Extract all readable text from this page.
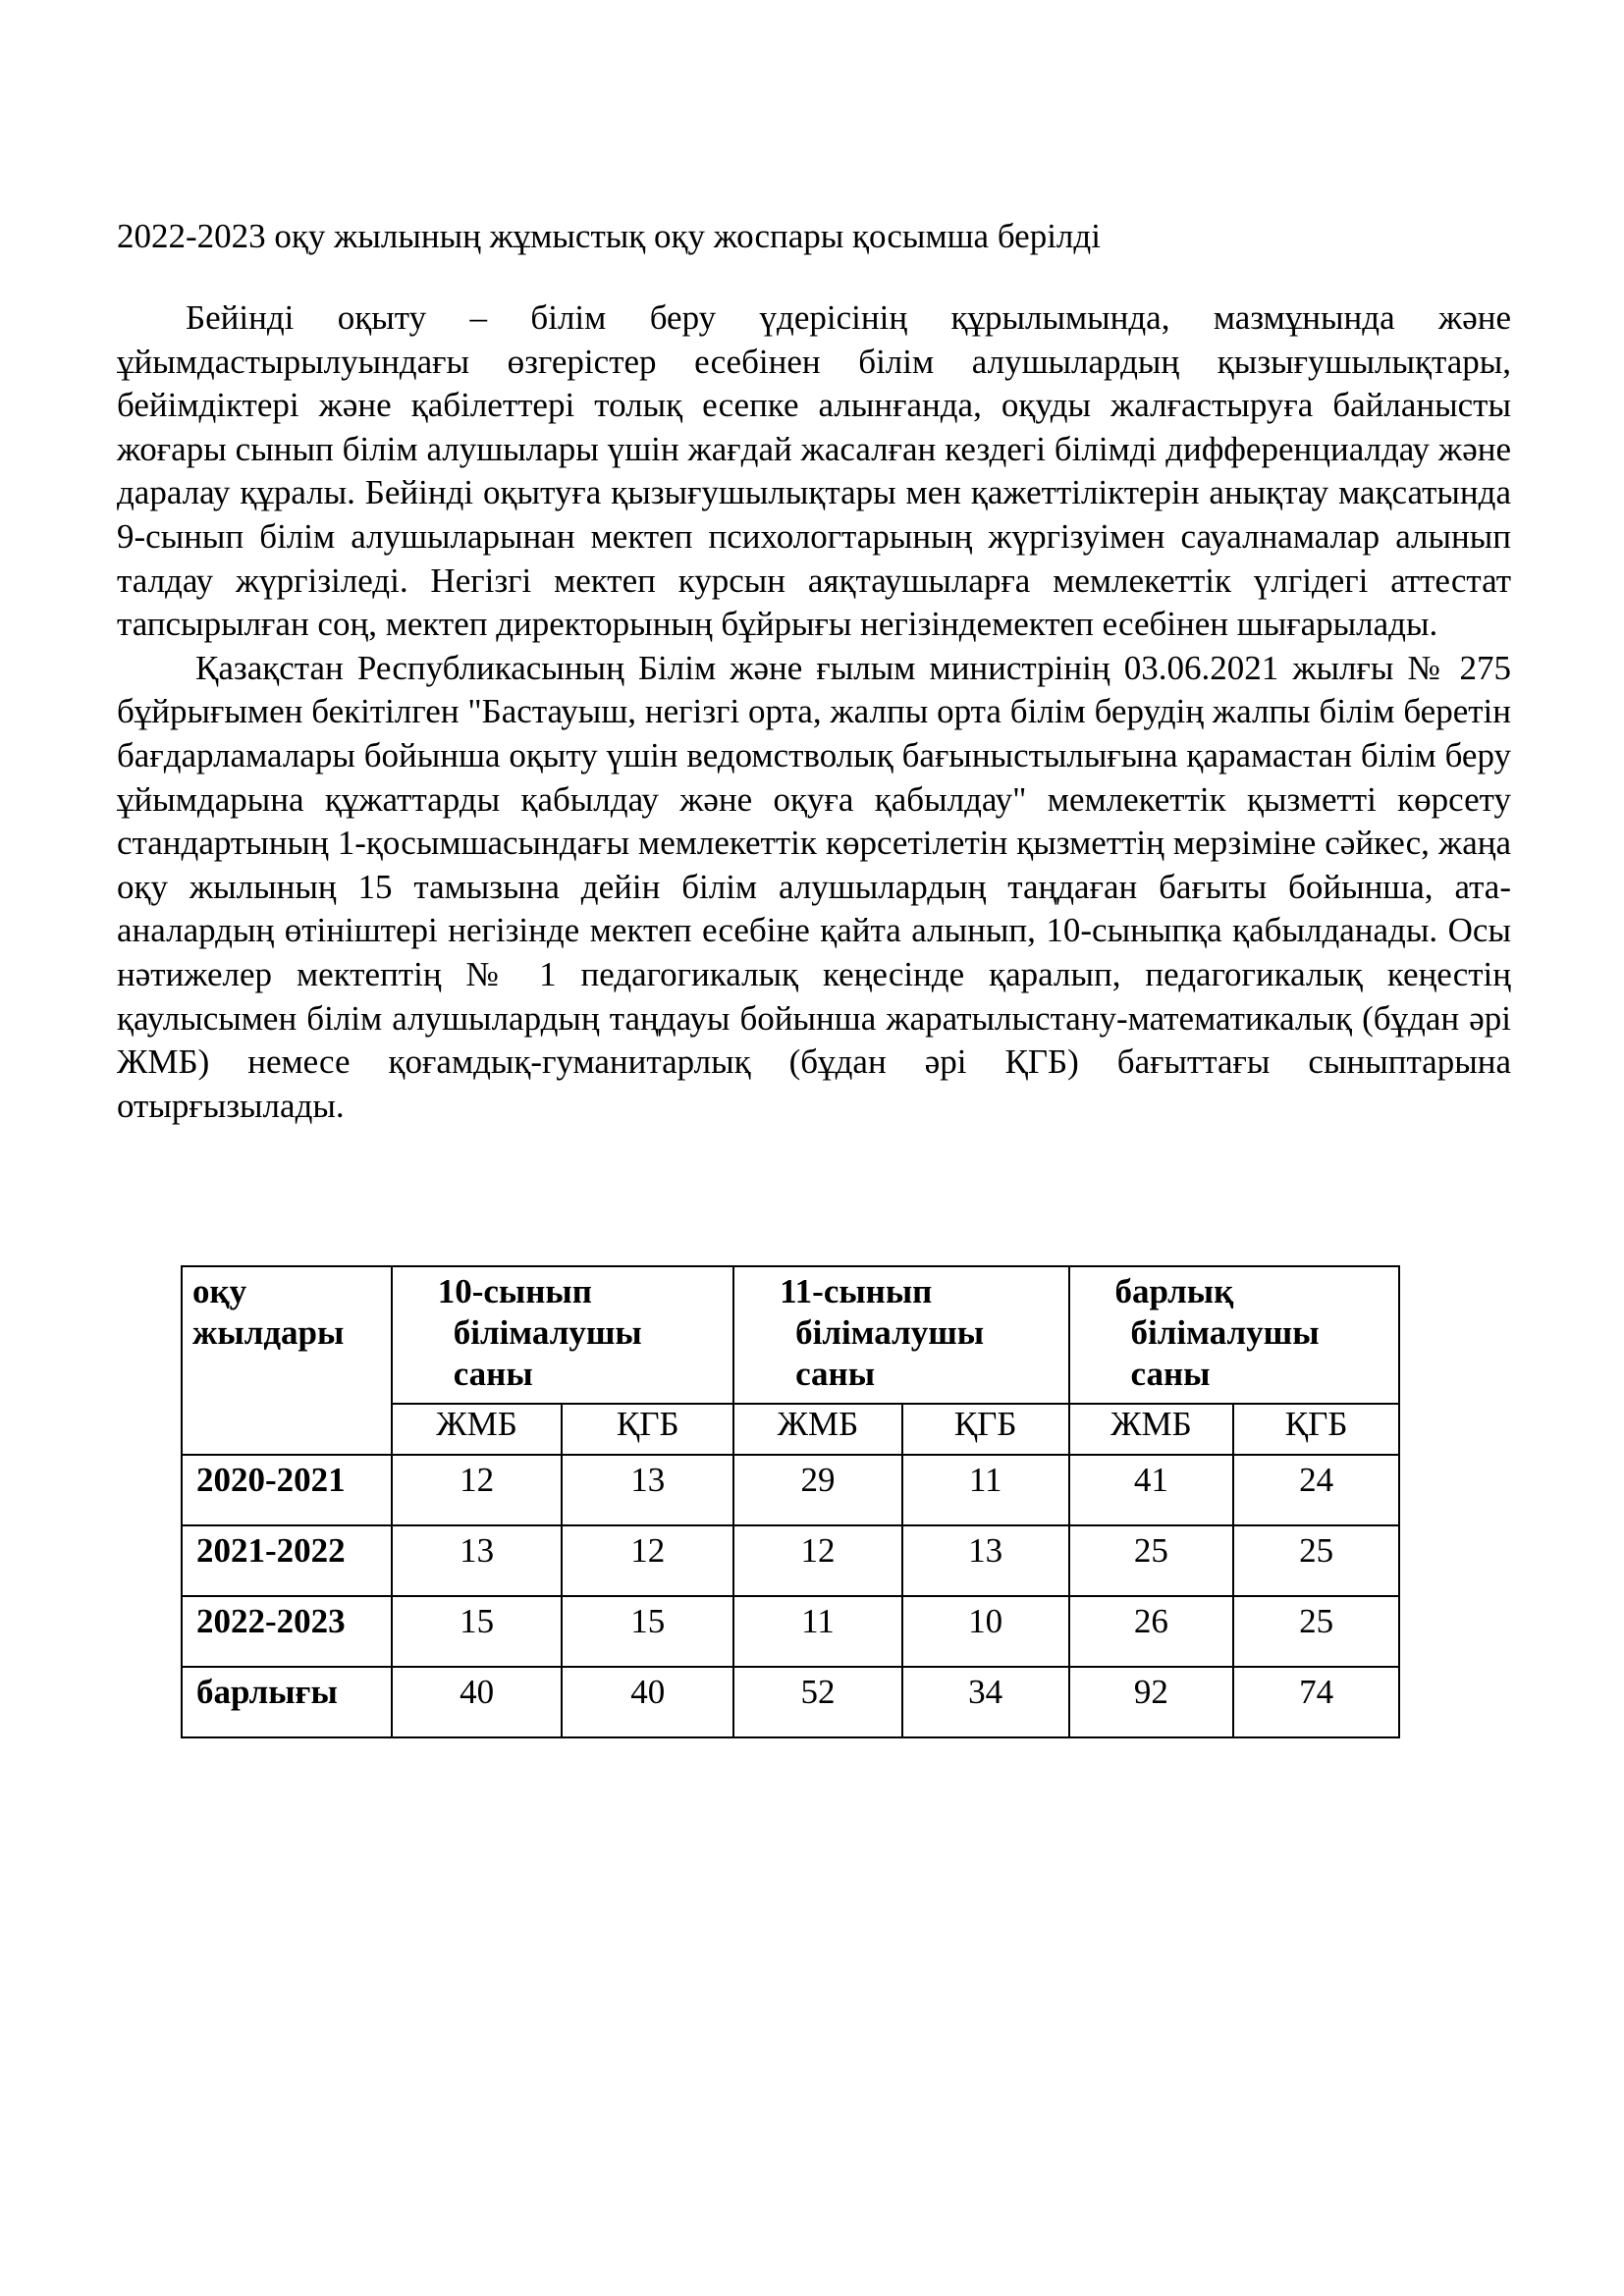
2022-2023 оқу жылының жұмыстық оқу жоспары қосымша берілді

Бейінді оқыту – білім беру үдерісінің құрылымында, мазмұнында және ұйымдастырылуындағы өзгерістер есебінен білім алушылардың қызығушылықтары, бейімдіктері және қабілеттері толық есепке алынғанда, оқуды жалғастыруға байланысты жоғары сынып білім алушылары үшін жағдай жасалған кездегі білімді дифференциалдау және даралау құралы. Бейінді оқытуға қызығушылықтары мен қажеттіліктерін анықтау мақсатында 9-сынып білім алушыларынан мектеп психологтарының жүргізуімен сауалнамалар алынып талдау жүргізіледі. Негізгі мектеп курсын аяқтаушыларға мемлекеттік үлгідегі аттестат тапсырылған соң, мектеп директорының бұйрығы негізіндемектеп есебінен шығарылады.

Қазақстан Республикасының Білім және ғылым министрінің 03.06.2021 жылғы № 275 бұйрығымен бекітілген "Бастауыш, негізгі орта, жалпы орта білім берудің жалпы білім беретін бағдарламалары бойынша оқыту үшін ведомстволық бағыныстылығына қарамастан білім беру ұйымдарына құжаттарды қабылдау және оқуға қабылдау" мемлекеттік қызметті көрсету стандартының 1-қосымшасындағы мемлекеттік көрсетілетін қызметтің мерзіміне сәйкес, жаңа оқу жылының 15 тамызына дейін білім алушылардың таңдаған бағыты бойынша, ата-аналардың өтініштері негізінде мектеп есебіне қайта алынып, 10-сыныпқа қабылданады. Осы нәтижелер мектептің № 1 педагогикалық кеңесінде қаралып, педагогикалық кеңестің қаулысымен білім алушылардың таңдауы бойынша жаратылыстану-математикалық (бұдан әрі ЖМБ) немесе қоғамдық-гуманитарлық (бұдан әрі ҚГБ) бағыттағы сыныптарына отырғызылады.

оқу
жылдары	10-сынып
білімалушы
саны		11-сынып
білімалушы
саны		барлық
білімалушы
саны	

	ЖМБ	ҚГБ	ЖМБ	ҚГБ	ЖМБ	ҚГБ
2020-2021	12	13	29	11	41	24
2021-2022	13	12	12	13	25	25
2022-2023	15	15	11	10	26	25
барлығы	40	40	52	34	92	74
